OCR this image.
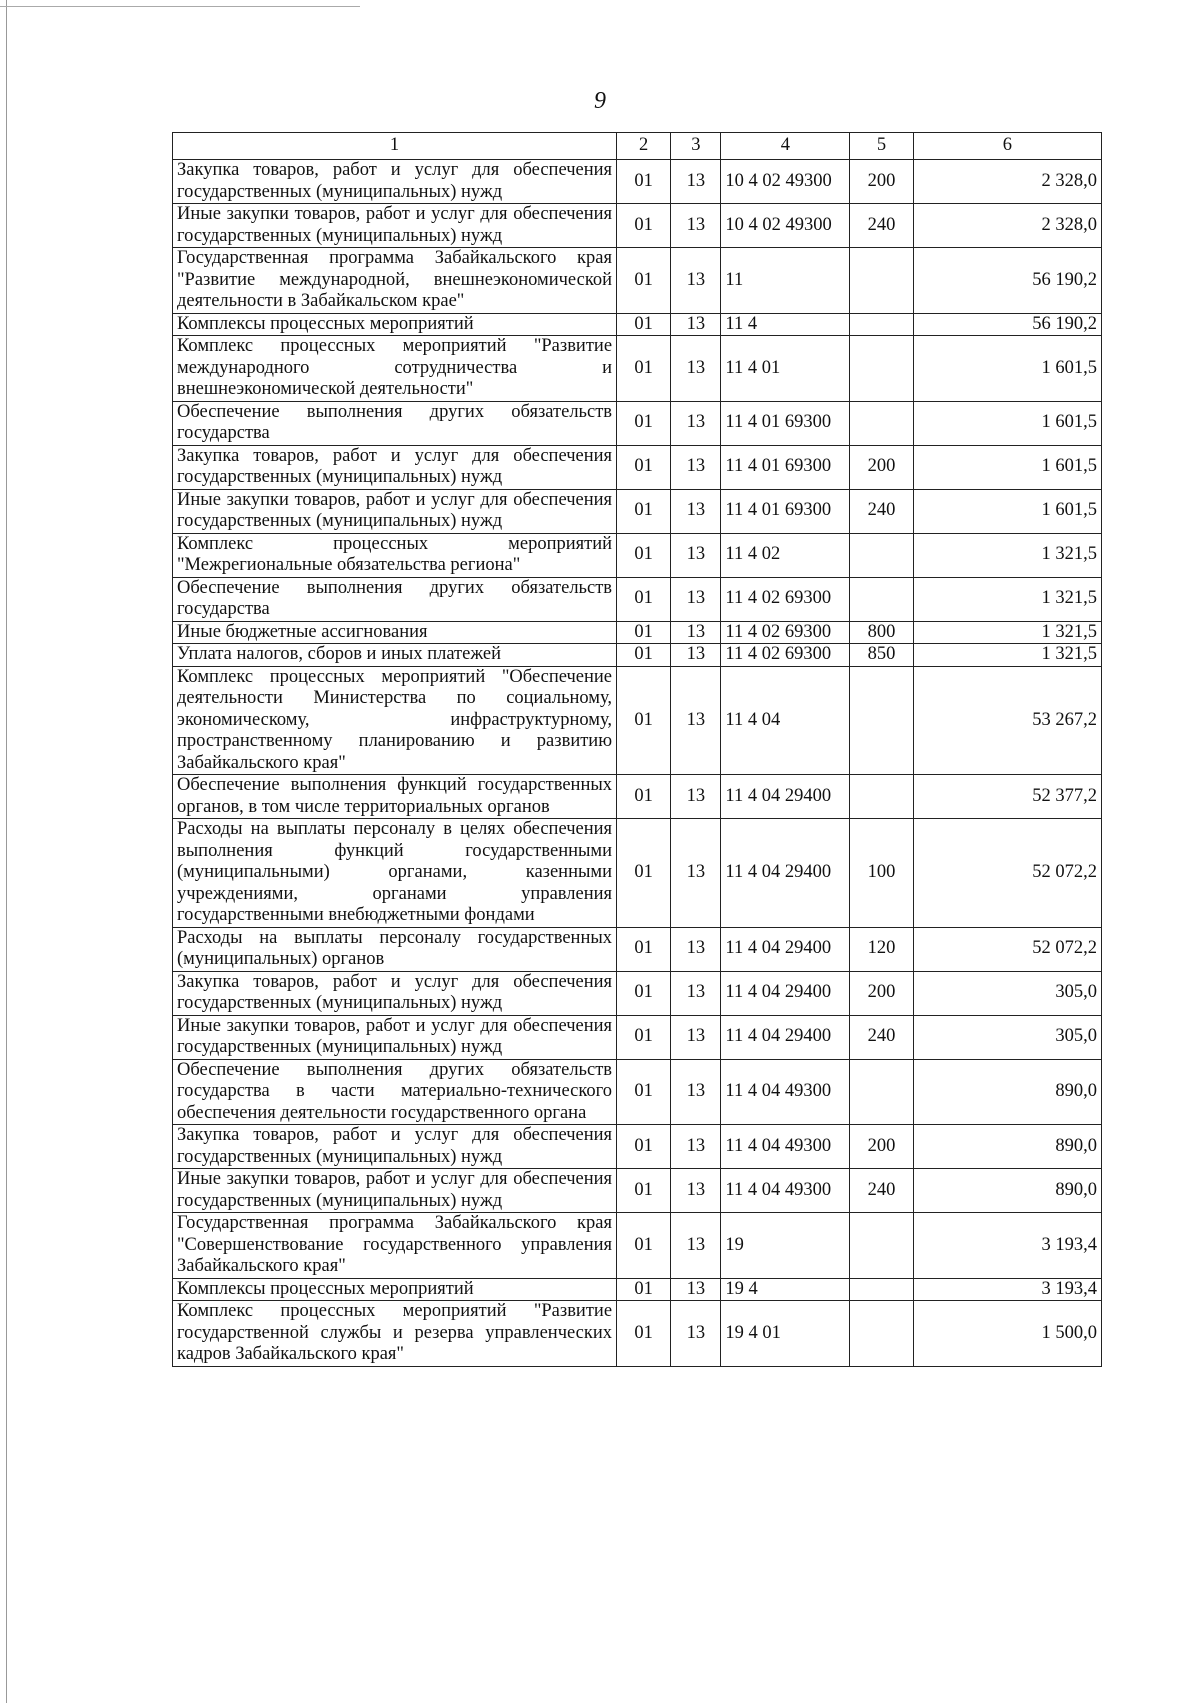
9
1	2	3	4	5	6
Закупка товаров, работ и услуг для обеспечения государственных (муниципальных) нужд	01	13	10 4 02 49300	200	2 328,0
Иные закупки товаров, работ и услуг для обеспечения государственных (муниципальных) нужд	01	13	10 4 02 49300	240	2 328,0
Государственная программа Забайкальского края "Развитие международной, внешнеэкономической деятельности в Забайкальском крае"	01	13	11		56 190,2
Комплексы процессных мероприятий	01	13	11 4		56 190,2
Комплекс процессных мероприятий "Развитие международного сотрудничества и внешнеэкономической деятельности"	01	13	11 4 01		1 601,5
Обеспечение выполнения других обязательств государства	01	13	11 4 01 69300		1 601,5
Закупка товаров, работ и услуг для обеспечения государственных (муниципальных) нужд	01	13	11 4 01 69300	200	1 601,5
Иные закупки товаров, работ и услуг для обеспечения государственных (муниципальных) нужд	01	13	11 4 01 69300	240	1 601,5
Комплекс процессных мероприятий "Межрегиональные обязательства региона"	01	13	11 4 02		1 321,5
Обеспечение выполнения других обязательств государства	01	13	11 4 02 69300		1 321,5
Иные бюджетные ассигнования	01	13	11 4 02 69300	800	1 321,5
Уплата налогов, сборов и иных платежей	01	13	11 4 02 69300	850	1 321,5
Комплекс процессных мероприятий "Обеспечение деятельности Министерства по социальному, экономическому, инфраструктурному, пространственному планированию и развитию Забайкальского края"	01	13	11 4 04		53 267,2
Обеспечение выполнения функций государственных органов, в том числе территориальных органов	01	13	11 4 04 29400		52 377,2
Расходы на выплаты персоналу в целях обеспечения выполнения функций государственными (муниципальными) органами, казенными учреждениями, органами управления государственными внебюджетными фондами	01	13	11 4 04 29400	100	52 072,2
Расходы на выплаты персоналу государственных (муниципальных) органов	01	13	11 4 04 29400	120	52 072,2
Закупка товаров, работ и услуг для обеспечения государственных (муниципальных) нужд	01	13	11 4 04 29400	200	305,0
Иные закупки товаров, работ и услуг для обеспечения государственных (муниципальных) нужд	01	13	11 4 04 29400	240	305,0
Обеспечение выполнения других обязательств государства в части материально-технического обеспечения деятельности государственного органа	01	13	11 4 04 49300		890,0
Закупка товаров, работ и услуг для обеспечения государственных (муниципальных) нужд	01	13	11 4 04 49300	200	890,0
Иные закупки товаров, работ и услуг для обеспечения государственных (муниципальных) нужд	01	13	11 4 04 49300	240	890,0
Государственная программа Забайкальского края "Совершенствование государственного управления Забайкальского края"	01	13	19		3 193,4
Комплексы процессных мероприятий	01	13	19 4		3 193,4
Комплекс процессных мероприятий "Развитие государственной службы и резерва управленческих кадров Забайкальского края"	01	13	19 4 01		1 500,0
